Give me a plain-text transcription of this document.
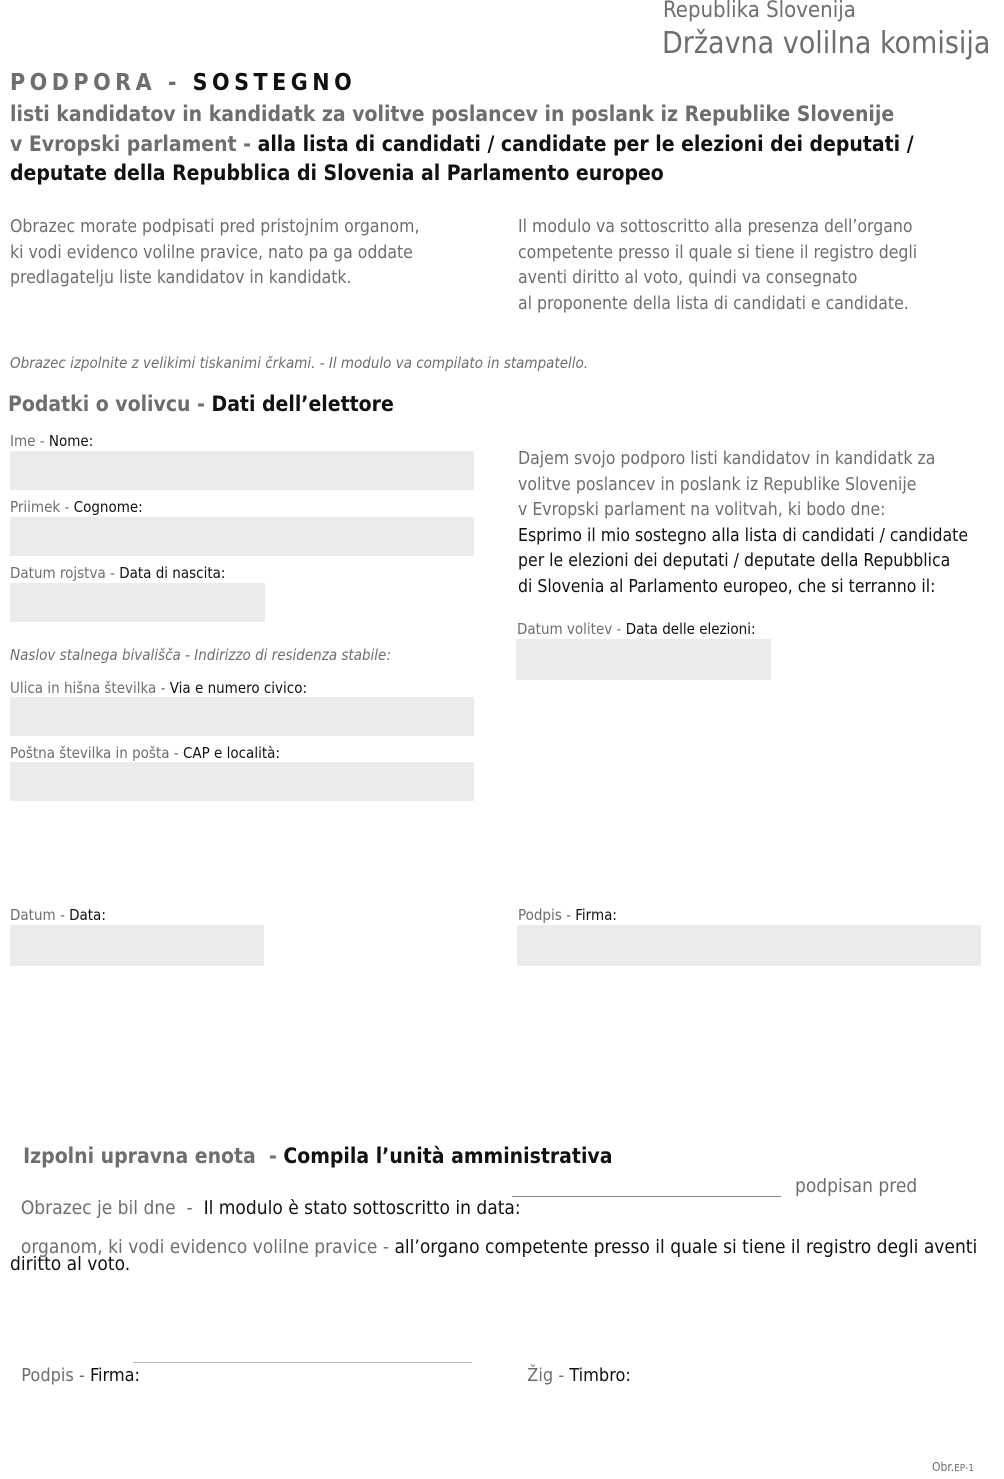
Republika Slovenija
Državna volilna komisija
PODPORA - SOSTEGNO
listi kandidatov in kandidatk za volitve poslancev in poslank iz Republike Slovenije
v Evropski parlament - alla lista di candidati / candidate per le elezioni dei deputati /
deputate della Repubblica di Slovenia al Parlamento europeo
Obrazec morate podpisati pred pristojnim organom,
ki vodi evidenco volilne pravice, nato pa ga oddate
predlagatelju liste kandidatov in kandidatk.
Il modulo va sottoscritto alla presenza dell’organo
competente presso il quale si tiene il registro degli
aventi diritto al voto, quindi va consegnato
al proponente della lista di candidati e candidate.
Obrazec izpolnite z velikimi tiskanimi črkami. - Il modulo va compilato in stampatello.
Podatki o volivcu - Dati dell’elettore
Ime - Nome:
Priimek - Cognome:
Datum rojstva - Data di nascita:
Naslov stalnega bivališča - Indirizzo di residenza stabile:
Ulica in hišna številka - Via e numero civico:
Poštna številka in pošta - CAP e località:
Dajem svojo podporo listi kandidatov in kandidatk za
volitve poslancev in poslank iz Republike Slovenije
v Evropski parlament na volitvah, ki bodo dne:
Esprimo il mio sostegno alla lista di candidati / candidate
per le elezioni dei deputati / deputate della Repubblica
di Slovenia al Parlamento europeo, che si terranno il:
Datum volitev - Data delle elezioni:
Datum - Data:	Podpis - Firma:

Izpolni upravna enota  - Compila l’unità amministrativa

Obrazec je bil dne  -  Il modulo è stato sottoscritto in data:

podpisan pred

organom, ki vodi evidenco volilne pravice - all’organo competente presso il quale si tiene il registro degli aventi

diritto al voto.

Podpis - Firma:	Žig - Timbro:

Obr.EP-1
